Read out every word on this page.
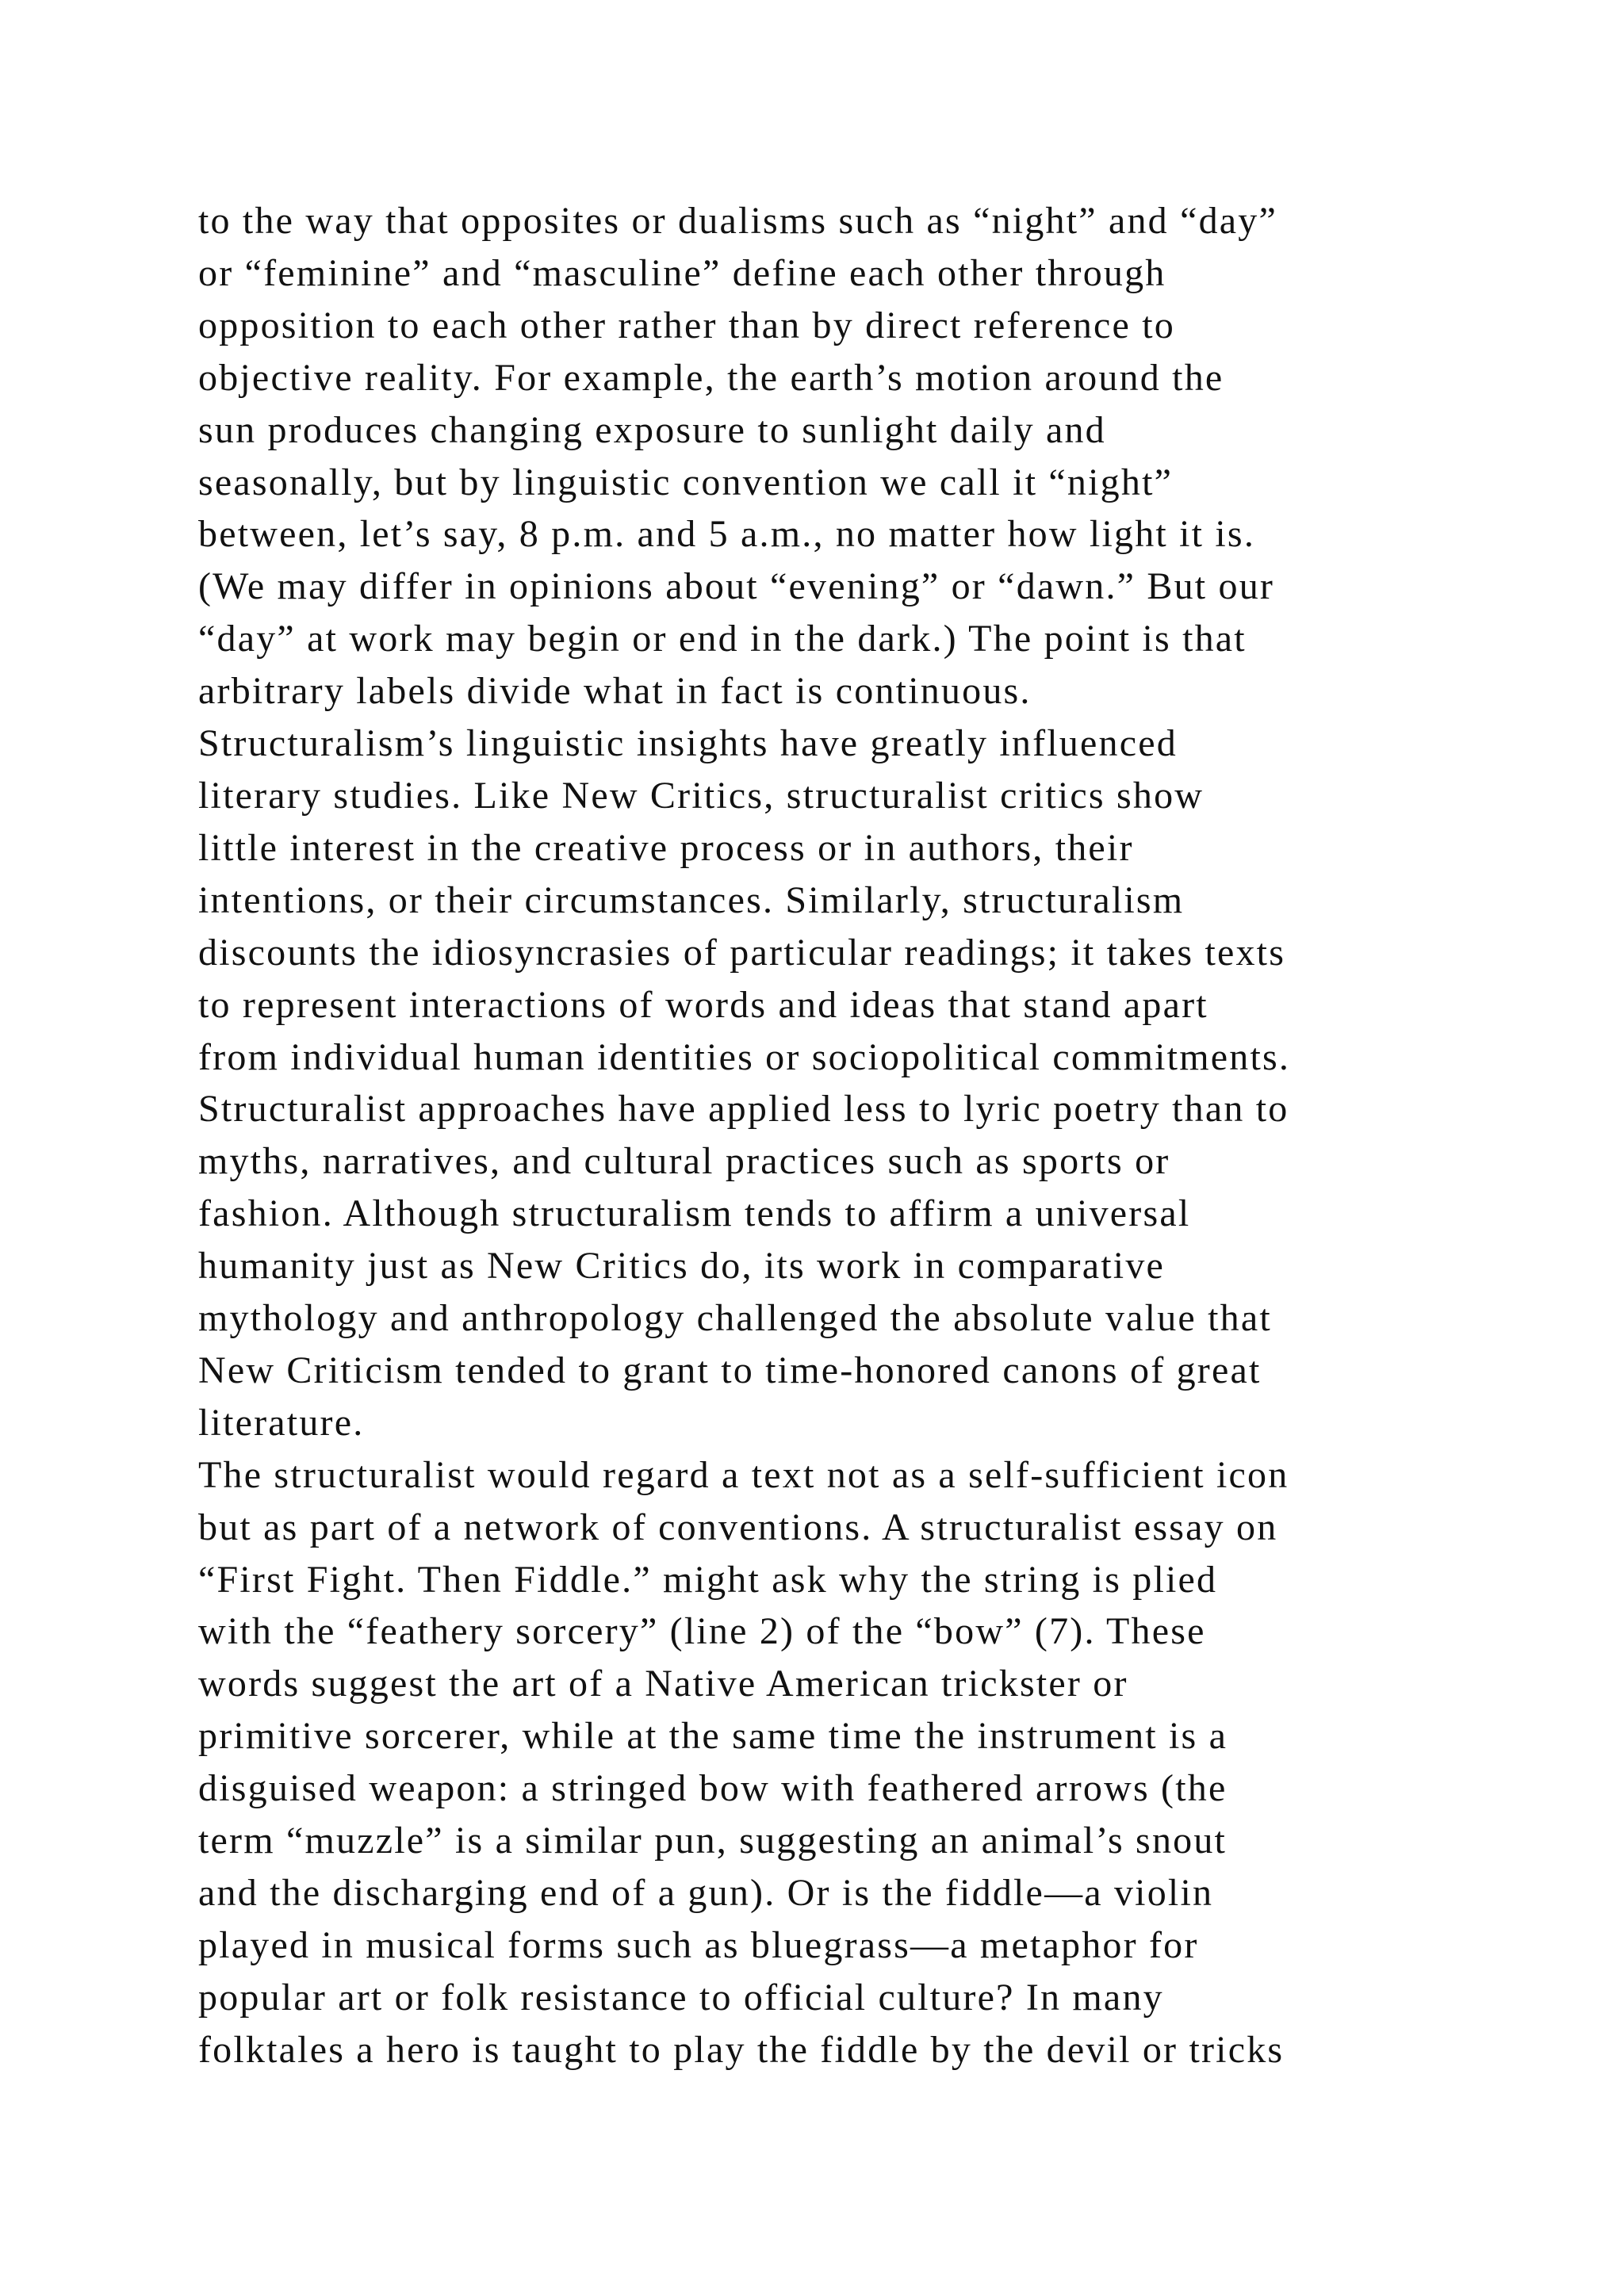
to the way that opposites or dualisms such as “night” and “day”
or “feminine” and “masculine” define each other through
opposition to each other rather than by direct reference to
objective reality. For example, the earth’s motion around the
sun produces changing exposure to sunlight daily and
seasonally, but by linguistic convention we call it “night”
between, let’s say, 8 p.m. and 5 a.m., no matter how light it is.
(We may differ in opinions about “evening” or “dawn.” But our
“day” at work may begin or end in the dark.) The point is that
arbitrary labels divide what in fact is continuous.
Structuralism’s linguistic insights have greatly influenced
literary studies. Like New Critics, structuralist critics show
little interest in the creative process or in authors, their
intentions, or their circumstances. Similarly, structuralism
discounts the idiosyncrasies of particular readings; it takes texts
to represent interactions of words and ideas that stand apart
from individual human identities or sociopolitical commitments.
Structuralist approaches have applied less to lyric poetry than to
myths, narratives, and cultural practices such as sports or
fashion. Although structuralism tends to affirm a universal
humanity just as New Critics do, its work in comparative
mythology and anthropology challenged the absolute value that
New Criticism tended to grant to time-honored canons of great
literature.
The structuralist would regard a text not as a self-sufficient icon
but as part of a network of conventions. A structuralist essay on
“First Fight. Then Fiddle.” might ask why the string is plied
with the “feathery sorcery” (line 2) of the “bow” (7). These
words suggest the art of a Native American trickster or
primitive sorcerer, while at the same time the instrument is a
disguised weapon: a stringed bow with feathered arrows (the
term “muzzle” is a similar pun, suggesting an animal’s snout
and the discharging end of a gun). Or is the fiddle—a violin
played in musical forms such as bluegrass—a metaphor for
popular art or folk resistance to official culture? In many
folktales a hero is taught to play the fiddle by the devil or tricks
